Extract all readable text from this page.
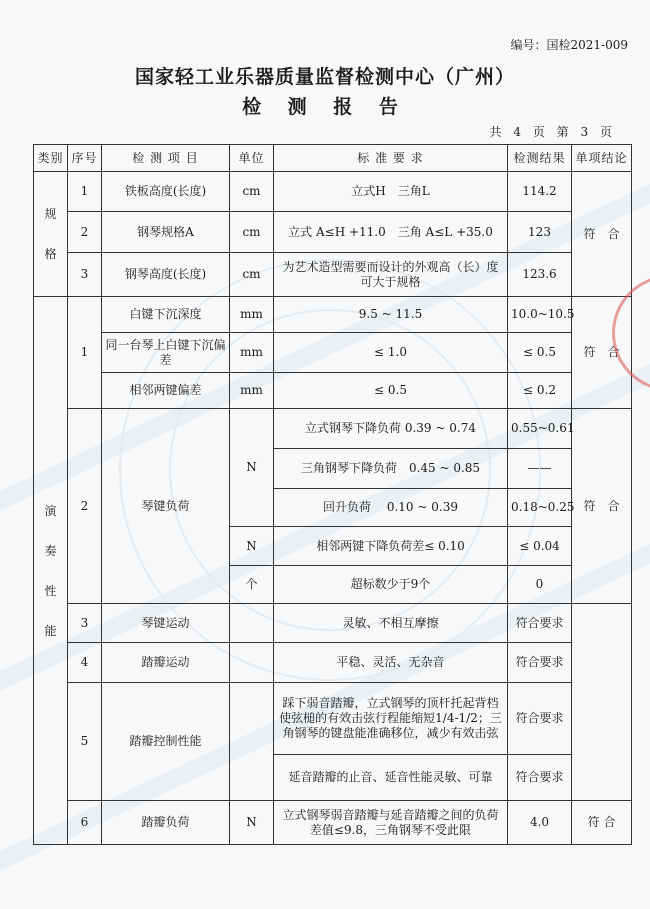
编号：国检2021-009
国家轻工业乐器质量监督检测中心（广州）
检 测 报 告
共 4 页 第 3 页
类别	序号	检 测 项 目	单位	标 准 要 求	检测结果	单项结论

规
格	1	铁板高度(长度)	cm	立式H　三角L	114.2	符　合
	2	钢琴规格A	cm	立式 A≤H +11.0　三角 A≤L +35.0	123	
	3	钢琴高度(长度)	cm	为艺术造型需要而设计的外观高（长）度可大于规格	123.6	

演
奏
性
能	1	白键下沉深度	mm	9.5 ~ 11.5	10.0~10.5	符　合
		同一台琴上白键下沉偏差	mm	≤ 1.0	≤ 0.5	
		相邻两键偏差	mm	≤ 0.5	≤ 0.2	
	2	琴键负荷	N	立式钢琴下降负荷 0.39 ~ 0.74	0.55~0.61	符　合
				三角钢琴下降负荷　0.45 ~ 0.85	——	
				回升负荷　 0.10 ~ 0.39	0.18~0.25	
			N	相邻两键下降负荷差≤ 0.10	≤ 0.04	
			个	超标数少于9个	0	
	3	琴键运动		灵敏、不相互摩擦	符合要求	
	4	踏瓣运动		平稳、灵活、无杂音	符合要求	
	5	踏瓣控制性能		踩下弱音踏瓣，立式钢琴的顶杆托起背档使弦槌的有效击弦行程能缩短1/4-1/2；三角钢琴的键盘能准确移位，减少有效击弦	符合要求	
				延音踏瓣的止音、延音性能灵敏、可靠	符合要求	
	6	踏瓣负荷	N	立式钢琴弱音踏瓣与延音踏瓣之间的负荷差值≤9.8，三角钢琴不受此限	4.0	符 合
